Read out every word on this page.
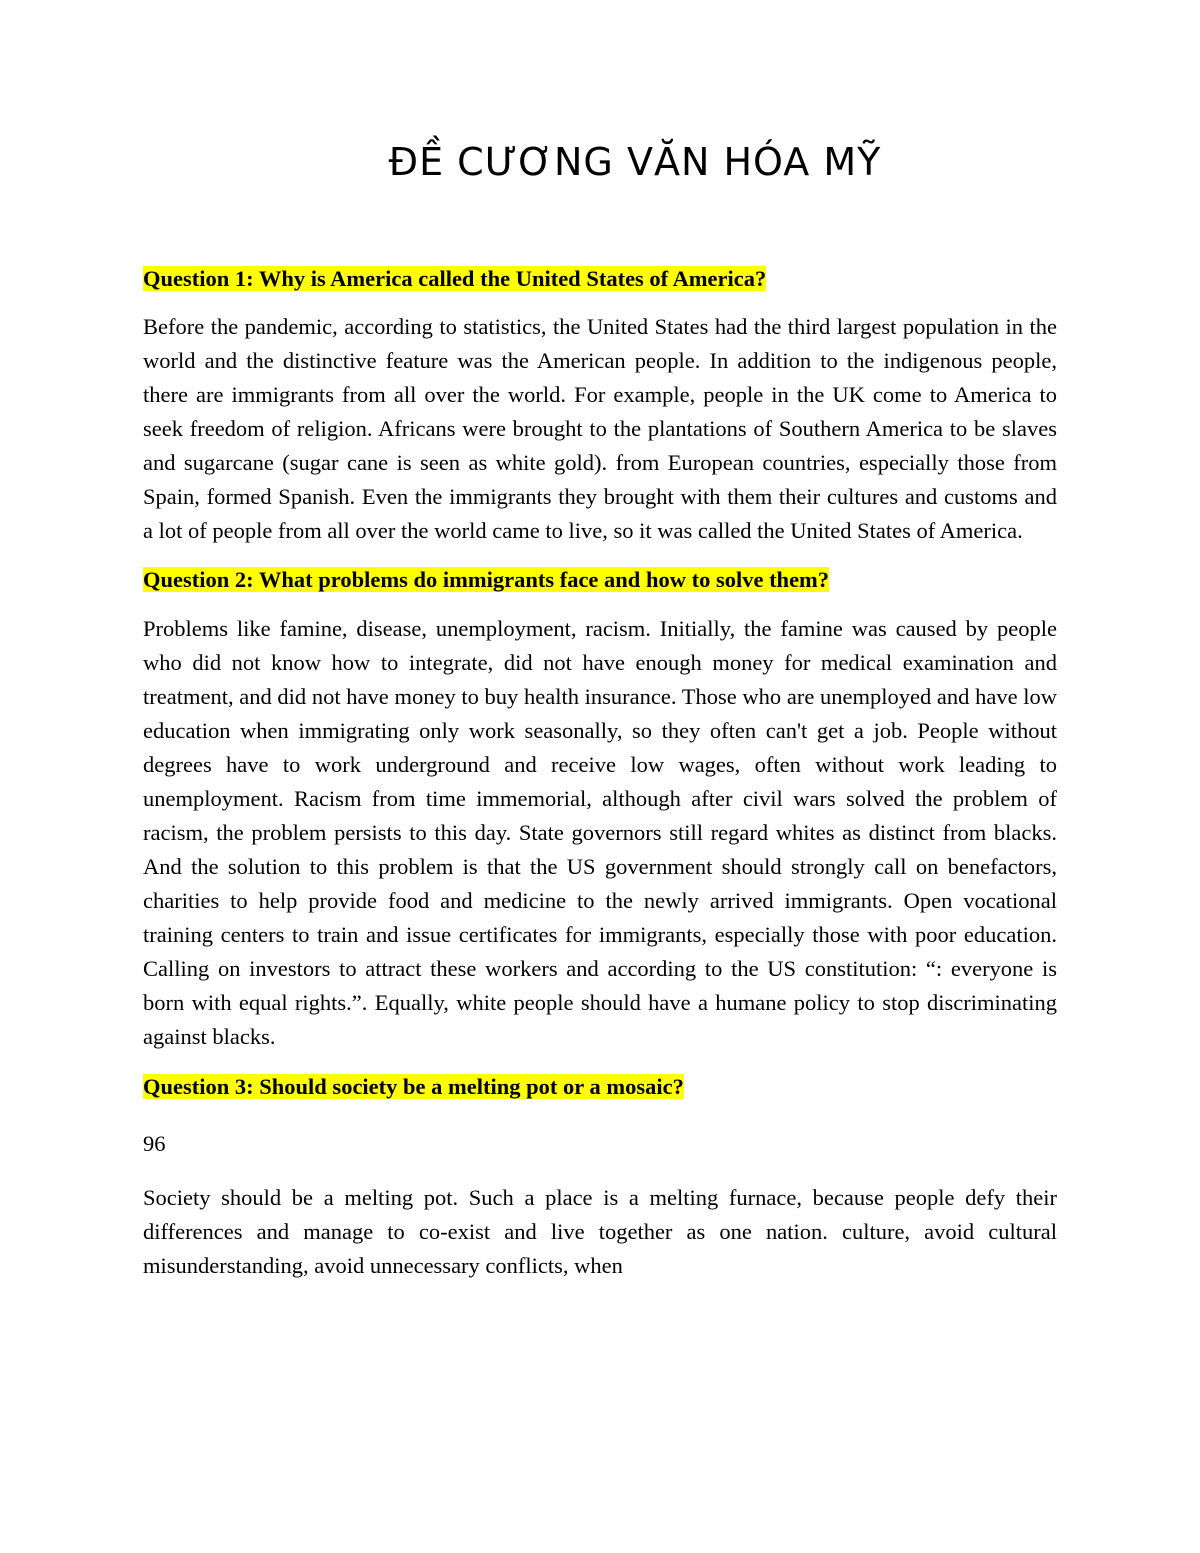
ĐỀ CƯƠNG VĂN HÓA MỸ

Question 1: Why is America called the United States of America?

Before the pandemic, according to statistics, the United States had the third largest population in the world and the distinctive feature was the American people. In addition to the indigenous people, there are immigrants from all over the world. For example, people in the UK come to America to seek freedom of religion. Africans were brought to the plantations of Southern America to be slaves and sugarcane (sugar cane is seen as white gold). from European countries, especially those from Spain, formed Spanish. Even the immigrants they brought with them their cultures and customs and a lot of people from all over the world came to live, so it was called the United States of America.

Question 2: What problems do immigrants face and how to solve them?

Problems like famine, disease, unemployment, racism. Initially, the famine was caused by people who did not know how to integrate, did not have enough money for medical examination and treatment, and did not have money to buy health insurance. Those who are unemployed and have low education when immigrating only work seasonally, so they often can't get a job. People without degrees have to work underground and receive low wages, often without work leading to unemployment. Racism from time immemorial, although after civil wars solved the problem of racism, the problem persists to this day. State governors still regard whites as distinct from blacks. And the solution to this problem is that the US government should strongly call on benefactors, charities to help provide food and medicine to the newly arrived immigrants. Open vocational training centers to train and issue certificates for immigrants, especially those with poor education. Calling on investors to attract these workers and according to the US constitution: “: everyone is born with equal rights.”. Equally, white people should have a humane policy to stop discriminating against blacks.

Question 3: Should society be a melting pot or a mosaic?

96

Society should be a melting pot. Such a place is a melting furnace, because people defy their differences and manage to co-exist and live together as one nation. culture, avoid cultural misunderstanding, avoid unnecessary conflicts, when
